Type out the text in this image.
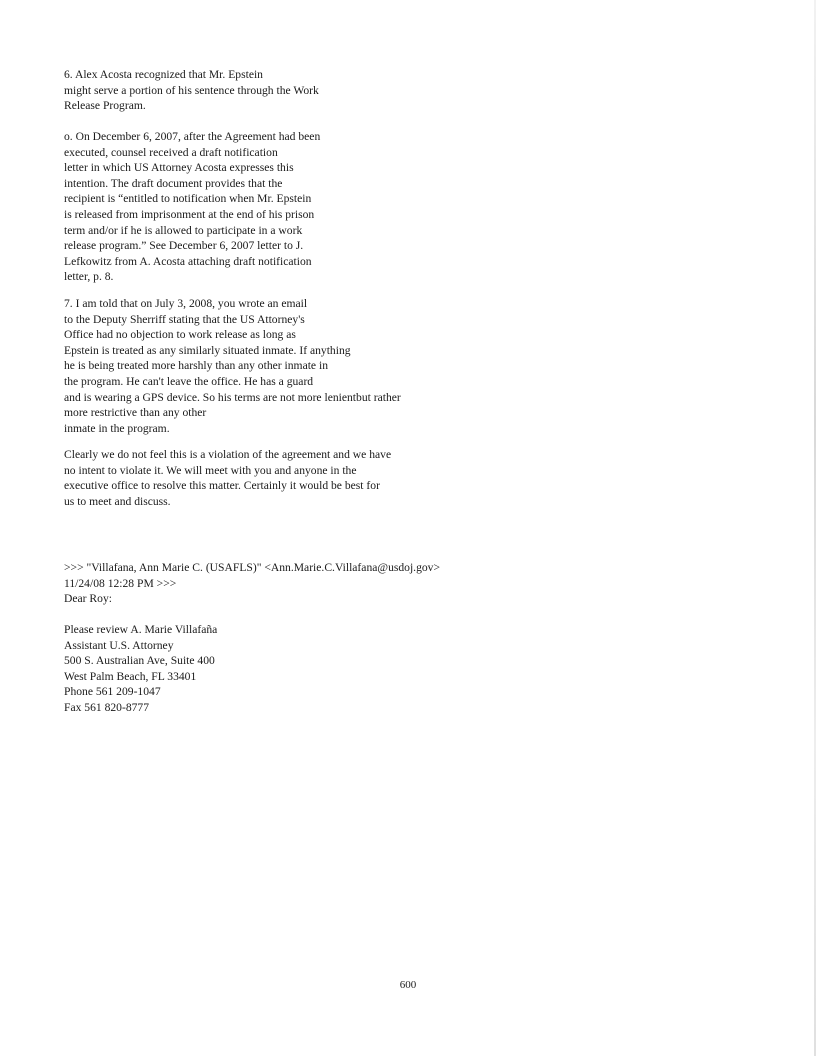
6. Alex Acosta recognized that Mr. Epstein
might serve a portion of his sentence through the Work
Release Program.

o. On December 6, 2007, after the Agreement had been
executed, counsel received a draft notification
letter in which US Attorney Acosta expresses this
intention. The draft document provides that the
recipient is “entitled to notification when Mr. Epstein
is released from imprisonment at the end of his prison
term and/or if he is allowed to participate in a work
release program.” See December 6, 2007 letter to J.
Lefkowitz from A. Acosta attaching draft notification
letter, p. 8.

7. I am told that on July 3, 2008, you wrote an email
to the Deputy Sherriff stating that the US Attorney's
Office had no objection to work release as long as
Epstein is treated as any similarly situated inmate. If anything
he is being treated more harshly than any other inmate in
the program. He can't leave the office. He has a guard
and is wearing a GPS device. So his terms are not more lenientbut rather
more restrictive than any other
inmate in the program.

Clearly we do not feel this is a violation of the agreement and we have
no intent to violate it. We will meet with you and anyone in the
executive office to resolve this matter. Certainly it would be best for
us to meet and discuss.

>>> "Villafana, Ann Marie C. (USAFLS)" <Ann.Marie.C.Villafana@usdoj.gov>
11/24/08 12:28 PM >>>
Dear Roy:

Please review A. Marie Villafaña
Assistant U.S. Attorney
500 S. Australian Ave, Suite 400
West Palm Beach, FL 33401
Phone 561 209-1047
Fax 561 820-8777

600
